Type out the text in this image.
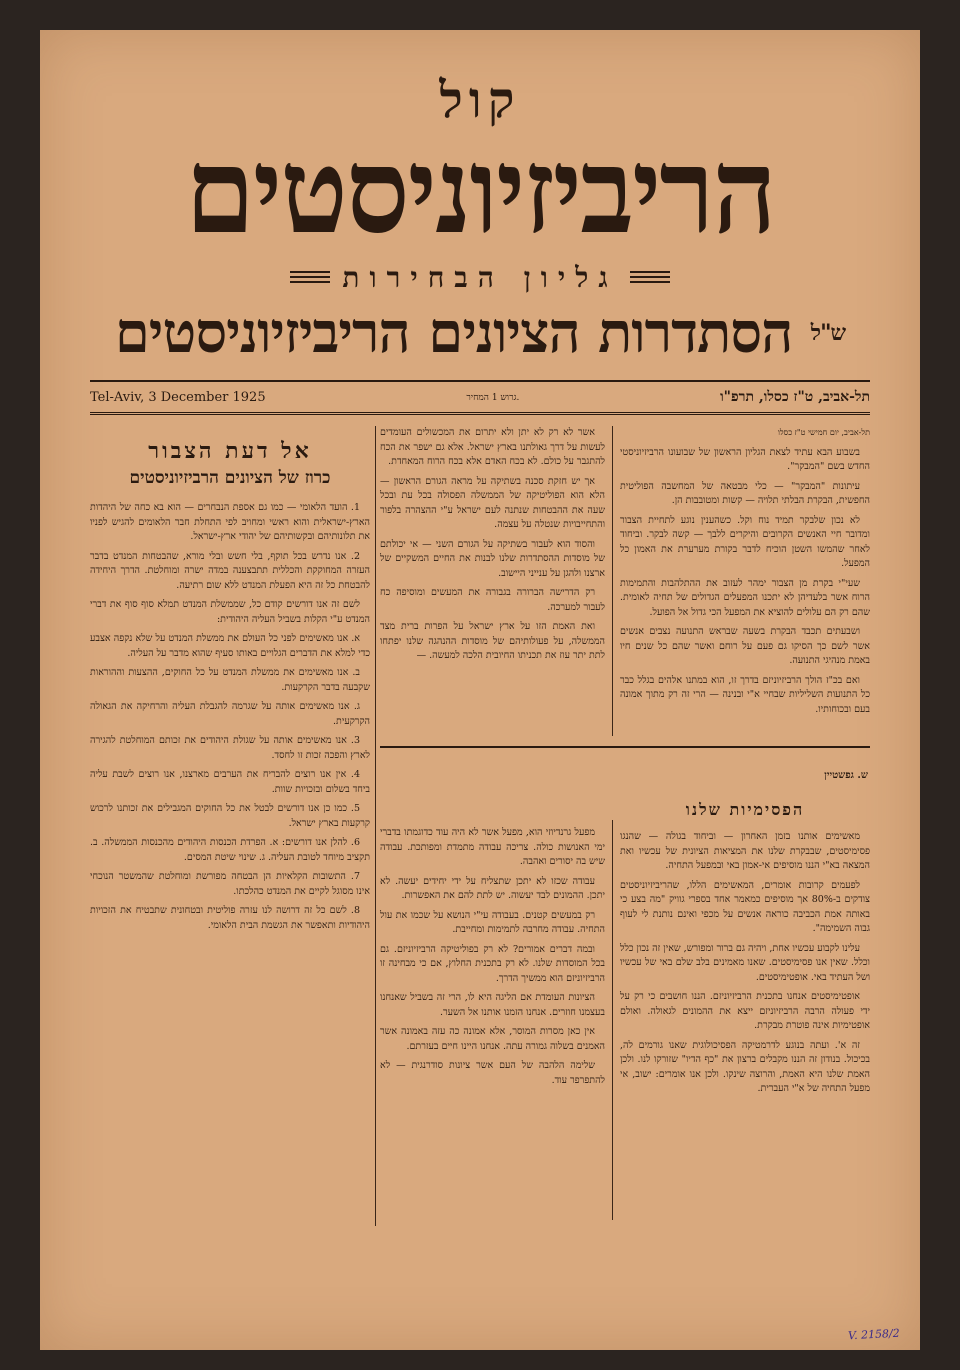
קול
הריביזיוניסטים
גליון הבחירות
$^{ש"ל}$ הסתדרות הציונים הריביזיוניסטים
Tel-Aviv, 3 December 1925	המחיר ‎1‎ גרוש.	תל-אביב, ט"ז כסלו, תרפ"ו

תל-אביב, יום חמישי ט"ז כסלו

בשבוע הבא עתיד לצאת הגליון הראשון של שבועונו הרביזיוניסטי החדש בשם "המבקר".

עיתונות "המבקר" — כלי מבטאה של המחשבה הפוליטית החפשית, הבקרת הבלתי תלויה — קשות ומטובבות הן.

לא נכון שלבקר תמיד נוח וקל. כשהענין נוגע לתחיית הצבור ומדובר חיי האנשים הקרובים והיקרים ללבך — קשה לבקר. וביחוד לאחר שהמשו השטן הוכיח לדבר בקורת מערערת את האמון כל המפעל.

שעי"י בקרת מן הצבור ימהר לעזוב את ההתלהבות והתמימות הרוח אשר בלעדיהן לא יתכנו המפעלים הגדולים של תחיה לאומית. שהם רק הם עלולים להוציא את המפעל הכי גדול אל הפועל.

ושבעתים תכבד הבקרת בשעה שבראש התנועה נצבים אנשים אשר לשם כך הסיקו גם פעם על רוחם ואשר שהם כל שנים חיו באמת מנהיגי התנועה.

ואם בכ"ז הולך הרביזיוניזם בדרך זו, הוא במתנו אלהים בגלל כבר כל התנועות השליליות שבחיי א"י ובנינה — הרי זה רק מתוך אמונה בעם ובכוחותיו.

אשר לא רק לא יתן ולא יתרום את המכשולים העומדים לעשות על דרך גאולתנו בארץ ישראל. אלא גם ישפר את הכח להתגבר על כולם. לא בכח האדם אלא בכח הרוח המאחדת.

אך יש חזקת סכנה בשתיקה על מראה הגורם הראשון — הלא הוא הפוליטיקה של הממשלה הפסולה בכל עת ובכל שעה את ההבטחות שנתנה לעם ישראל ע"י ההצהרה בלפור והתחייבויות שנטלה על עצמה.

והסוד הוא לעבור בשתיקה על הגורם השני — אי יכולתם של מוסדות ההסתדרות שלנו לבנות את החיים המשקיים של ארצנו ולהגן על ענייני היישוב.

רק הדרישה הברורה בגבורה את המעשים ומוסיפה כח לעבור למערכה.

ואת האמת הזו על ארץ ישראל על הפרות ברית מצד הממשלה, על פעולותיהם של מוסדות ההנהגה שלנו יפתחו לתת יתר עוז את תכניתו החיובית הלכה למעשה. —

ש. גפשטיין
הפסימיות שלנו

מאשימים אותנו בזמן האחרון — וביחוד בגולה — שהנגו פסימיסטים, שבבקרת שלנו את המציאות הציונית של עכשיו ואת המצאה בא"י הננו מוסיפים אי-אמון באי ובמפעל התחיה.

לפעמים קרובות אומרים, המאשימים הללו, שהריביזיוניסטים צודקים ב-80% אך מוסיפים כמאמר אחד בספרי גוויק "מה בצע כי באותה אמת הכביבה כוראה אנשים על מכפי ואינם נותנת לי לעוף גבוה השמימה".

עלינו לקבוע עכשיו אחת, ויהיה גם ברור ומפורש, שאין זה נכון כלל וכלל. שאין אנו פסימיסטים. שאנו מאמינים בלב שלם באי של עכשיו ושל העתיד באי. אופטימיסטים.

אופטימיסטים אנחנו בתכנית הרביזיוניזם. הננו חושבים כי רק על ידי פעולה הרבה הרביזיוניזם ייצא את ההמונים לגאולה. ואולם אופטימיות אינה פוטרת מבקרת.

זה א'. ועתה בנוגע לדרמטיקה הפסיכולוגית שאנו גורמים לה, בכיכול. בנודון זה הננו מקבלים ברצון את "כף הדיו" שזורקו לנו. ולכן האמת שלנו היא האמת, והרוצה שינקו. ולכן אנו אומרים: ישוב, אי מפעל התחיה של א"י העברית.

מפעל גרנדיוזי הוא, מפעל אשר לא היה עוד כדוגמתו בדברי ימי האנושות כולה. צריכה עבודה מתמדת ומפותכת. עבודה שיש בה יסורים ואהבה.

עבודה שכזו לא יתכן שתצליח על ידי יחידים יעשה. לא יתכן. ההמונים לבד יעשוה. יש לתת להם את האפשרות.

רק במעשים קטנים. בעבודה עי"י הנושא על שכמו את עול התחיה. עבודה מחרבה לתמימות ומחייבת.

ובמה דברים אמורים? לא רק בפוליטיקה הרביזיוניזם. גם בכל המוסדות שלנו. לא רק בתכנית החלוץ, אם כי מבחינה זו הרביזיוניזם הוא ממשיך הדרך.

הציונות העומדת אם הליגה היא לו, הרי זה בשביל שאנחנו בעצמנו חוזרים. אנחנו הזמנו אותנו אל השער.

אין כאן מסרות המוסר, אלא אמונה כה עזה באמונה אשר האמנים בשלוה גמורה עתה. אנחנו היינו חיים בעזרתם.

שלימה הלהבה של העם אשר ציונות סודרנגית — לא להתפרפר עוד.

אל דעת הצבור
כרוז של הציונים הרביזיוניסטים

1. הועד הלאומי — כמו גם אספת הנבחרים — הוא בא כחה של היהדות הארץ-ישראלית והוא ראשי ומחויב לפי התחלת חבר הלאומים להגיש לפניו את תלונותיהם ובקשותיהם של יהודי ארץ-ישראל.

2. אנו נדרש בכל תוקף, בלי חשש ובלי מורא, שהבטחות המנדט בדבר העזרה המחוקקת והכללית תתבצענה במדה ישרה ומוחלטת. הדרך היחידה להבטחת כל זה היא הפעלת המנדט ללא שום רתיעה.

לשם זה אנו דורשים קודם כל, שממשלת המנדט תמלא סוף סוף את דברי המנדט ע"י הקלות בשביל העליה היהודית:

א. אנו מאשימים לפני כל העולם את ממשלת המנדט על שלא נקפה אצבע כדי למלא את הדברים הגלויים באותו סעיף שהוא מדבר על העליה.

ב. אנו מאשימים את ממשלת המנדט על כל החוקים, ההצעות וההוראות שקבעה בדבר הקרקעות.

ג. אנו מאשימים אותה על שגרמה להגבלת העליה והרחיקה את הגאולה הקרקעית.

3. אנו מאשימים אותה על שגולת היהודים את זכותם המוחלטת להגירה לארץ והפכה זכות זו לחסד.

4. אין אנו רוצים להבריח את הערבים מארצנו, אנו רוצים לשבת עליה ביחד בשלום ובזכויות שוות.

5. כמו כן אנו דורשים לבטל את כל החוקים המגבילים את זכותנו לרכוש קרקעות בארץ ישראל.

6. להלן אנו דורשים: א. הפרדת הכנסות היהודים מהכנסות הממשלה. ב. תקציב מיוחד לטובת העליה. ג. שינוי שיטת המסים.

7. התשובות הקלאיות הן הבטחה מפורשת ומוחלטת שהמשטר הנוכחי אינו מסוגל לקיים את המנדט כהלכתו.

8. לשם כל זה דרושה לנו עזרה פוליטית ובטחונית שתבטיח את הזכויות היהודיות ותאפשר את הגשמת הבית הלאומי.

V. 2158/2
